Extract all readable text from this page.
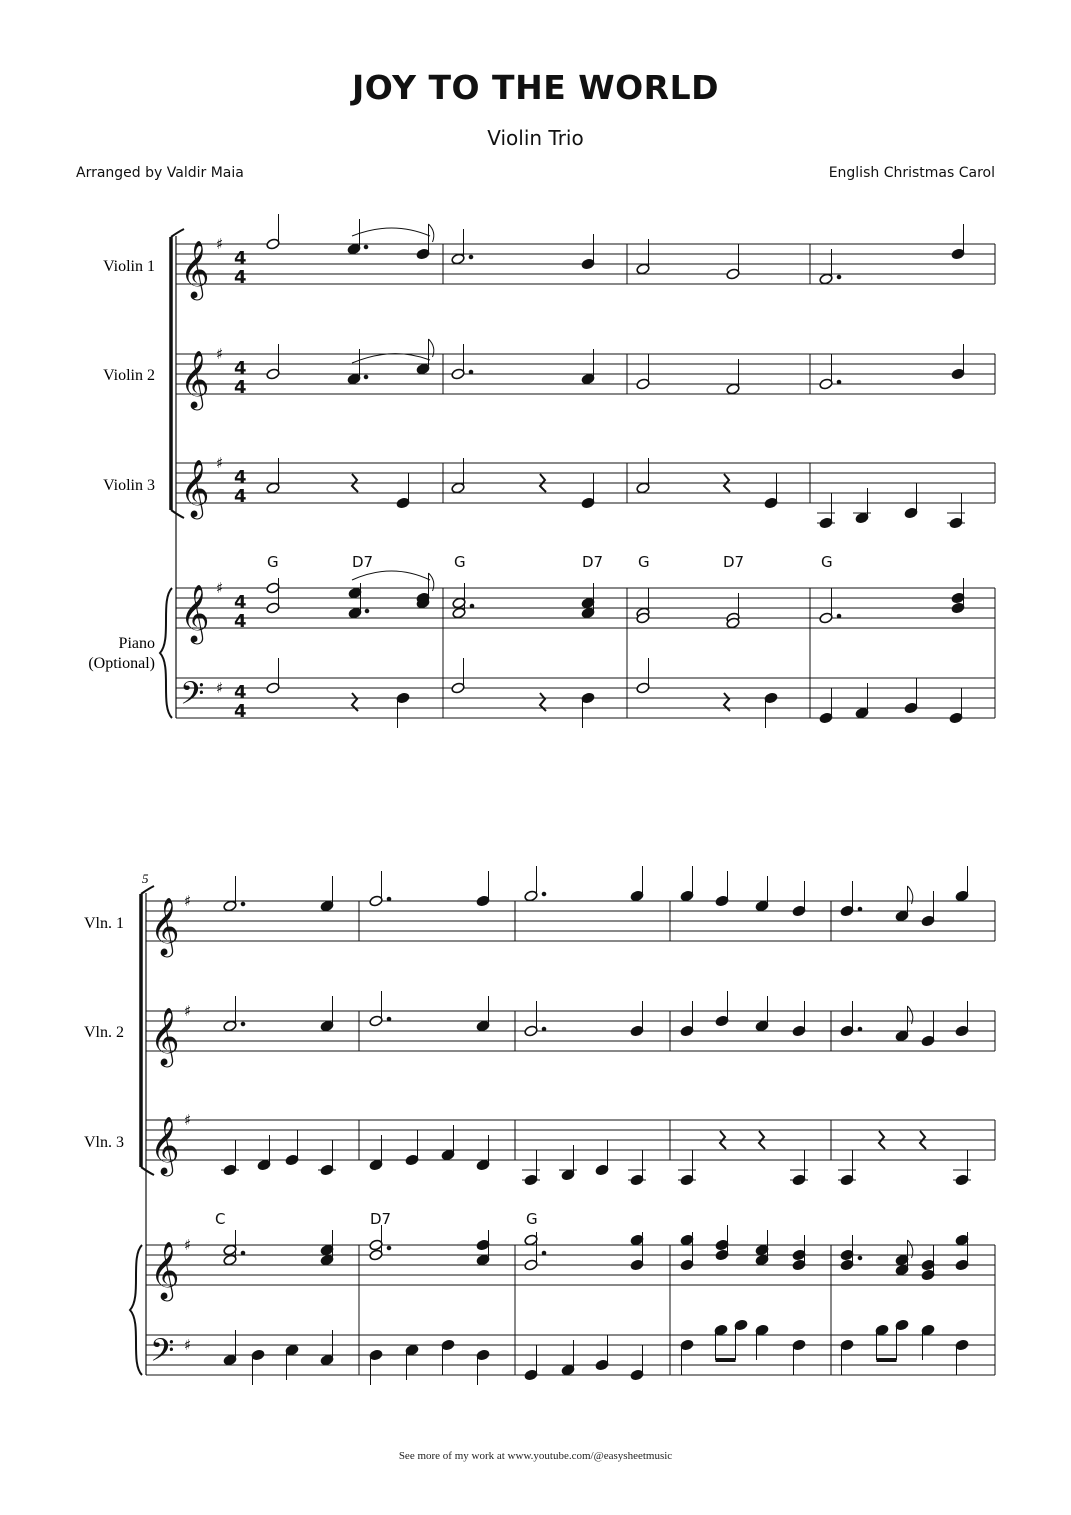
JOY TO THE WORLD
Violin Trio
Arranged by Valdir Maia	English Christmas Carol
Violin 1
Violin 2
Violin 3
Piano
(Optional)
𝄞
𝄞
𝄞
𝄞
𝄢
♯
♯
♯
♯
♯
4
4
4
4
4
4
4
4
4
4
G	D7	G	D7 G	D7	G
5
Vln. 1
Vln. 2
Vln. 3
𝄞
𝄞
𝄞
𝄞
𝄢
♯
♯
♯
♯
♯
C	D7	G
See more of my work at www.youtube.com/@easysheetmusic
